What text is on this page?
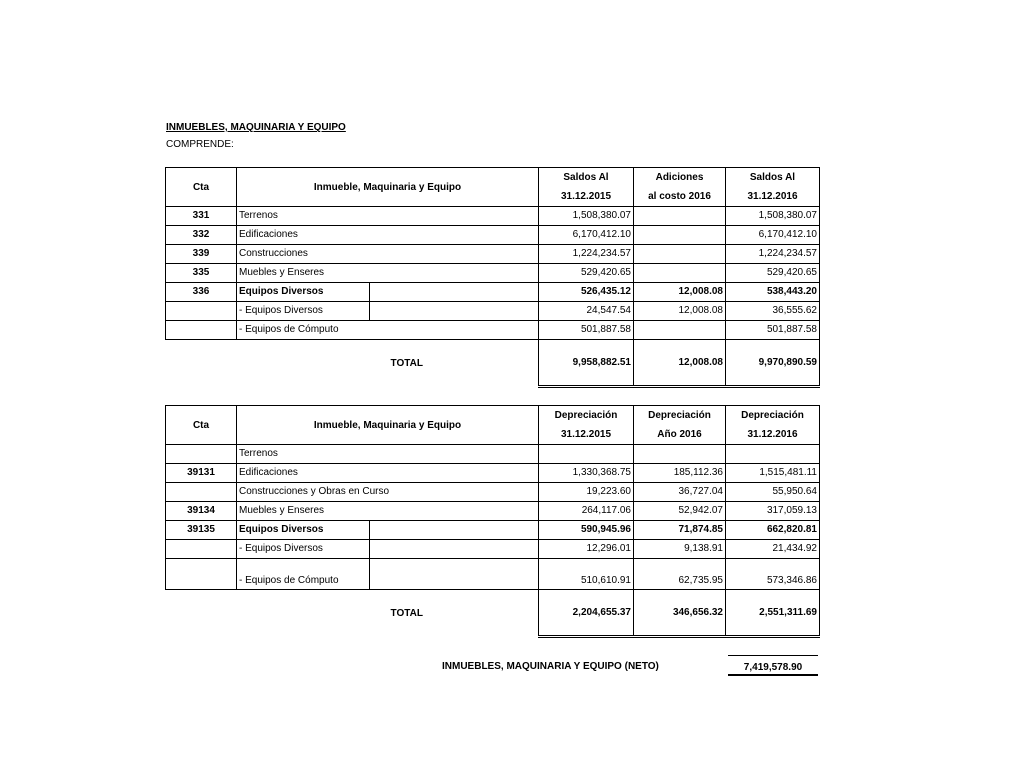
INMUEBLES, MAQUINARIA Y EQUIPO
COMPRENDE:
Cta	Inmueble, Maquinaria y Equipo		Saldos Al	Adiciones	Saldos Al
			31.12.2015	al costo 2016	31.12.2016
331	Terrenos		1,508,380.07		1,508,380.07
332	Edificaciones		6,170,412.10		6,170,412.10
339	Construcciones		1,224,234.57		1,224,234.57
335	Muebles y Enseres		529,420.65		529,420.65
336	Equipos Diversos		526,435.12	12,008.08	538,443.20
	- Equipos Diversos		24,547.54	12,008.08	36,555.62
	- Equipos de Cómputo		501,887.58		501,887.58
TOTAL			9,958,882.51	12,008.08	9,970,890.59
Cta	Inmueble, Maquinaria y Equipo		Depreciación	Depreciación	Depreciación
			31.12.2015	Año 2016	31.12.2016
	Terrenos				
39131	Edificaciones		1,330,368.75	185,112.36	1,515,481.11
	Construcciones y Obras en Curso		19,223.60	36,727.04	55,950.64
39134	Muebles y Enseres		264,117.06	52,942.07	317,059.13
39135	Equipos Diversos		590,945.96	71,874.85	662,820.81
	- Equipos Diversos		12,296.01	9,138.91	21,434.92
	- Equipos de Cómputo		510,610.91	62,735.95	573,346.86
TOTAL			2,204,655.37	346,656.32	2,551,311.69
INMUEBLES, MAQUINARIA Y EQUIPO (NETO)	7,419,578.90
